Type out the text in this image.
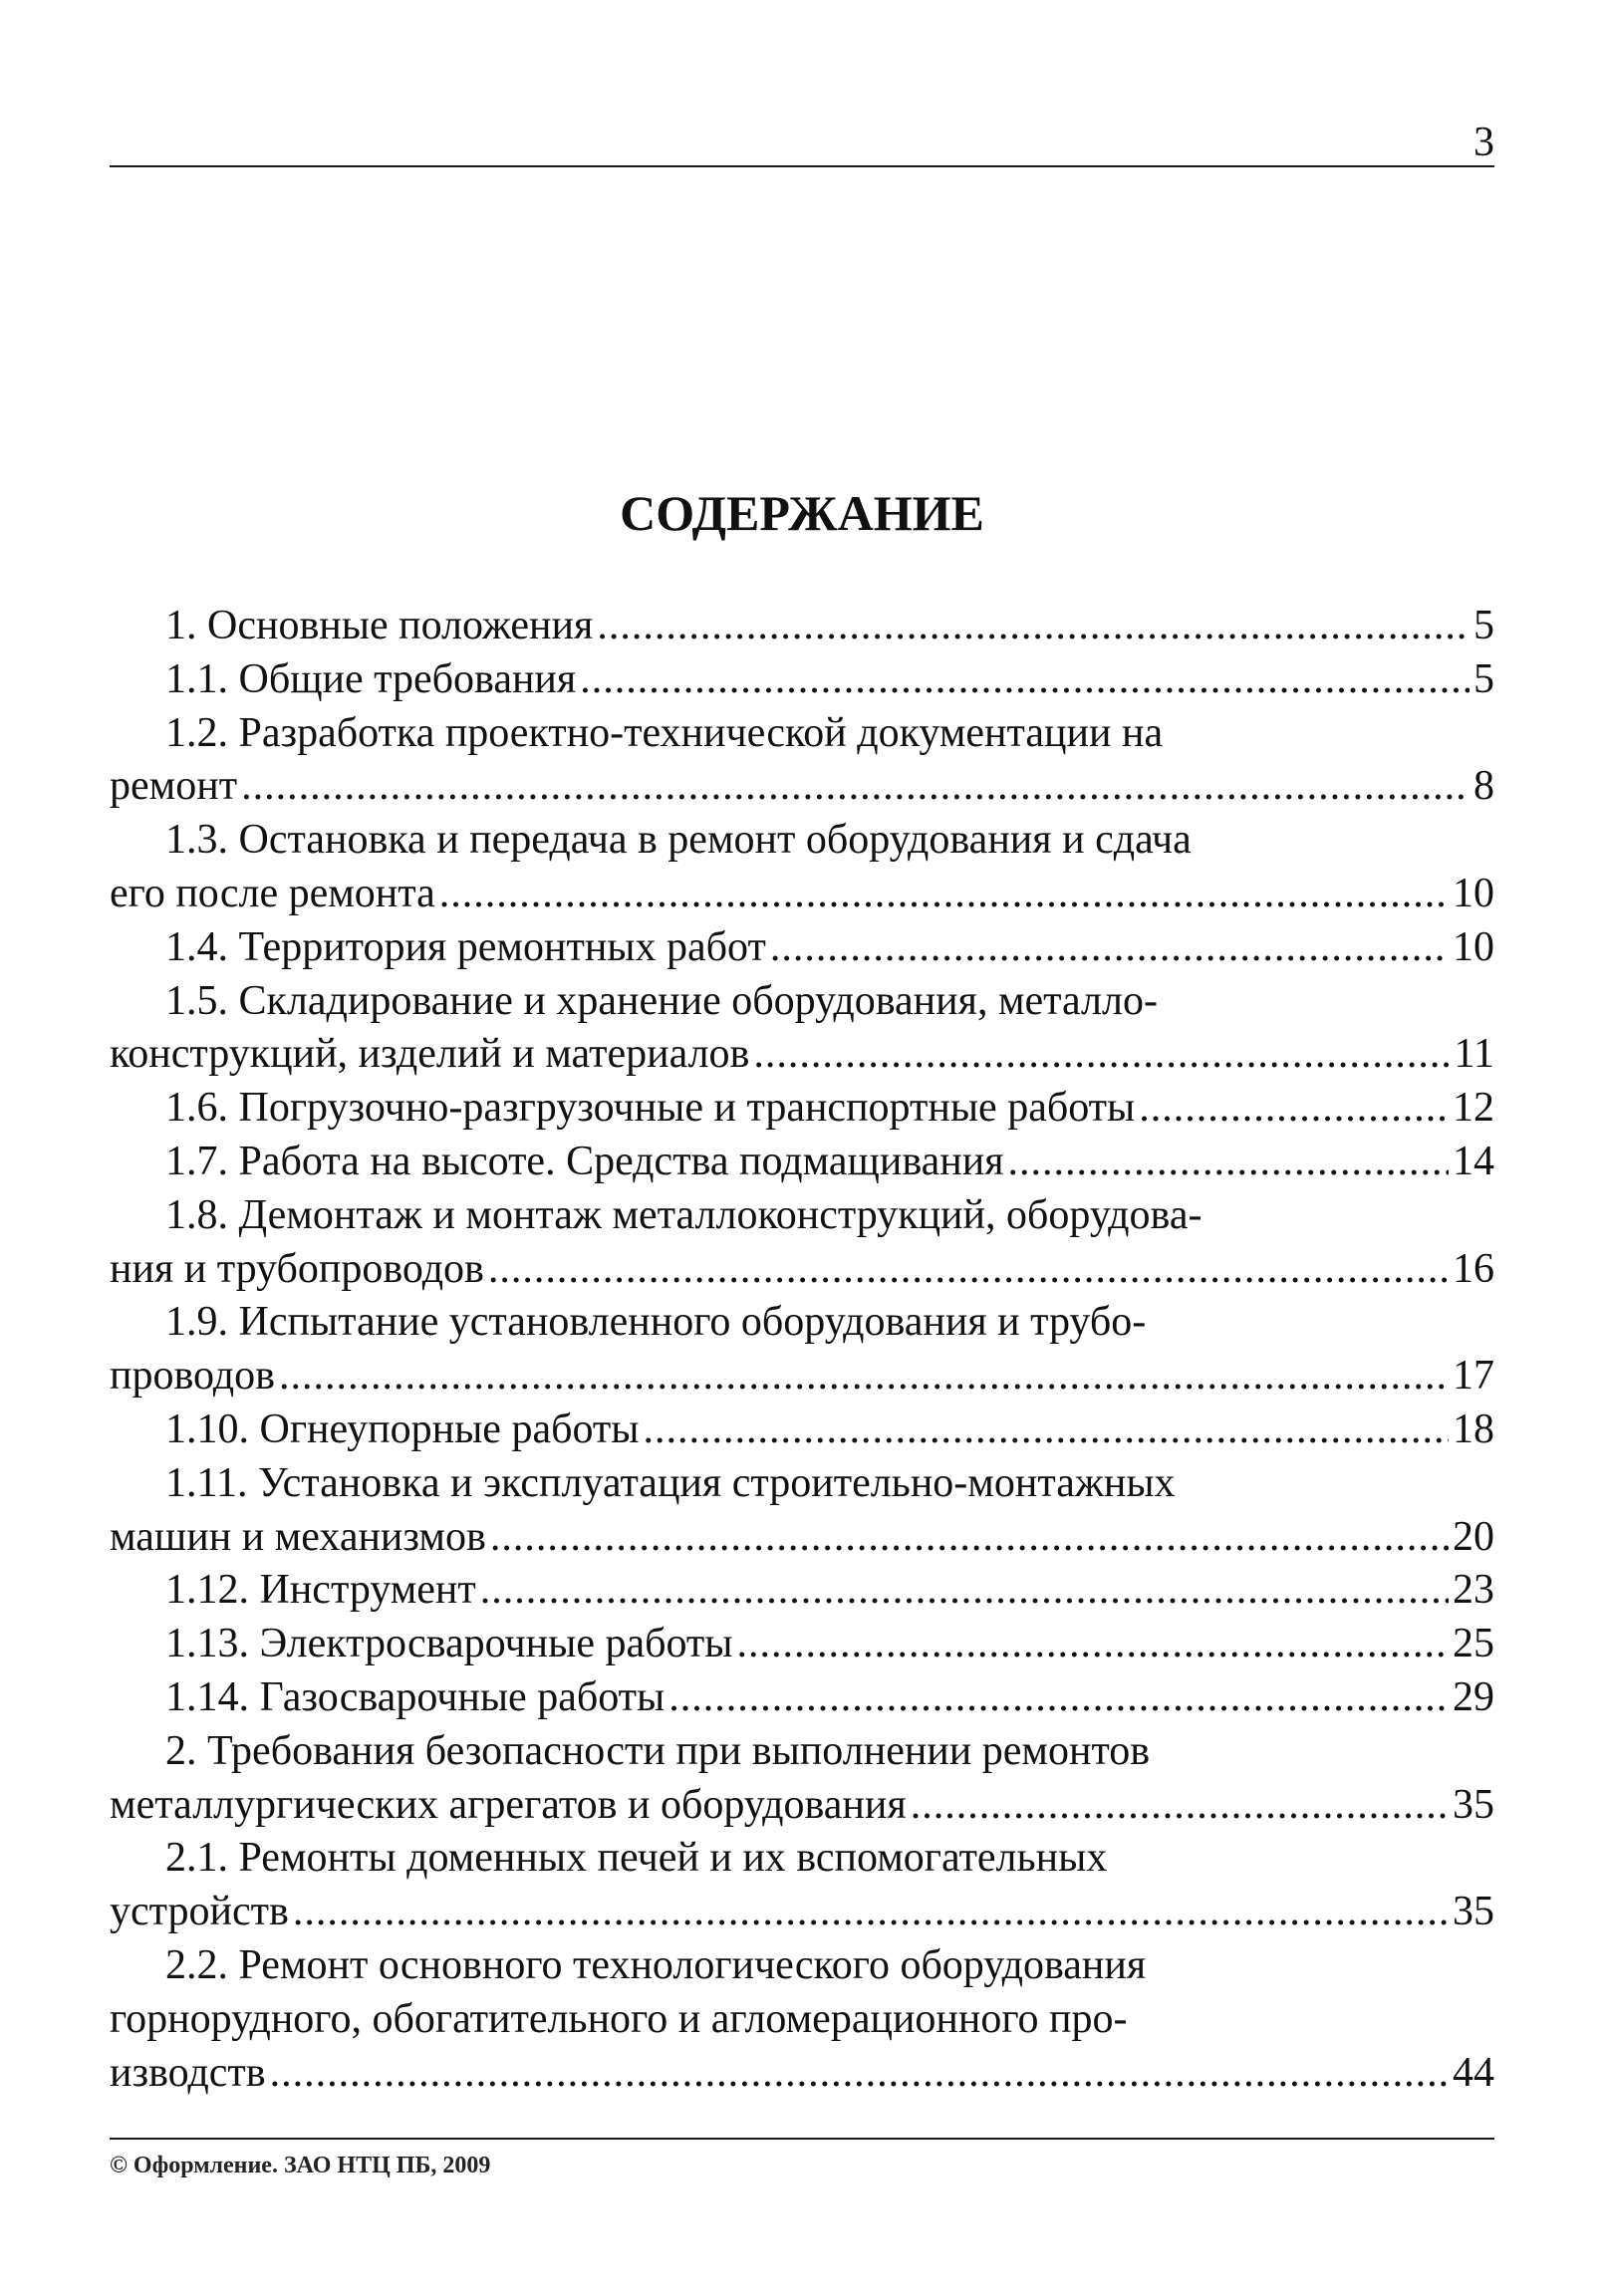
3
СОДЕРЖАНИЕ
1. Основные положения .....	5
1.1. Общие требования .....	5
1.2. Разработка проектно-технической документации на
ремонт .....	8
1.3. Остановка и передача в ремонт оборудования и сдача
его после ремонта .....	10
1.4. Территория ремонтных работ .....	10
1.5. Складирование и хранение оборудования, металло-
конструкций, изделий и материалов .....	11
1.6. Погрузочно-разгрузочные и транспортные работы .....	12
1.7. Работа на высоте. Средства подмащивания .....	14
1.8. Демонтаж и монтаж металлоконструкций, оборудова-
ния и трубопроводов .....	16
1.9. Испытание установленного оборудования и трубо-
проводов .....	17
1.10. Огнеупорные работы .....	18
1.11. Установка и эксплуатация строительно-монтажных
машин и механизмов .....	20
1.12. Инструмент .....	23
1.13. Электросварочные работы .....	25
1.14. Газосварочные работы .....	29
2. Требования безопасности при выполнении ремонтов
металлургических агрегатов и оборудования .....	35
2.1. Ремонты доменных печей и их вспомогательных
устройств .....	35
2.2. Ремонт основного технологического оборудования
горнорудного, обогатительного и агломерационного про-
изводств .....	44
© Оформление. ЗАО НТЦ ПБ, 2009
